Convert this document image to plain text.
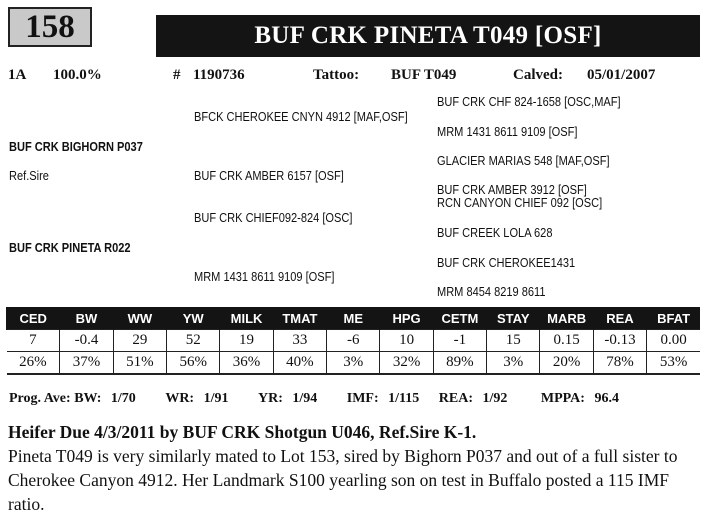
158	BUF CRK PINETA T049 [OSF]
1A 100.0%	# 1190736	Tattoo: BUF T049	Calved: 05/01/2007
BUF CRK CHF 824-1658 [OSC,MAF]
BFCK CHEROKEE CNYN 4912 [MAF,OSF]
MRM 1431 8611 9109 [OSF]
BUF CRK BIGHORN P037
GLACIER MARIAS 548 [MAF,OSF]
Ref.Sire	BUF CRK AMBER 6157 [OSF]
BUF CRK AMBER 3912 [OSF]
RCN CANYON CHIEF 092 [OSC]
BUF CRK CHIEF092-824 [OSC]
BUF CREEK LOLA 628
BUF CRK PINETA R022
BUF CRK CHEROKEE1431
MRM 1431 8611 9109 [OSF]
MRM 8454 8219 8611
CED	BW	WW	YW	MILK	TMAT	ME	HPG	CETM	STAY	MARB	REA	BFAT
7	-0.4	29	52	19	33	-6	10	-1	15	0.15	-0.13	0.00
26%	37%	51%	56%	36%	40%	3%	32%	89%	3%	20%	78%	53%
Prog. Ave: BW: 1/70 WR: 1/91 YR: 1/94 IMF: 1/115 REA: 1/92 MPPA: 96.4
Heifer Due 4/3/2011 by BUF CRK Shotgun U046, Ref.Sire K-1.
Pineta T049 is very similarly mated to Lot 153, sired by Bighorn P037 and out of a full sister to Cherokee Canyon 4912. Her Landmark S100 yearling son on test in Buffalo posted a 115 IMF ratio.
